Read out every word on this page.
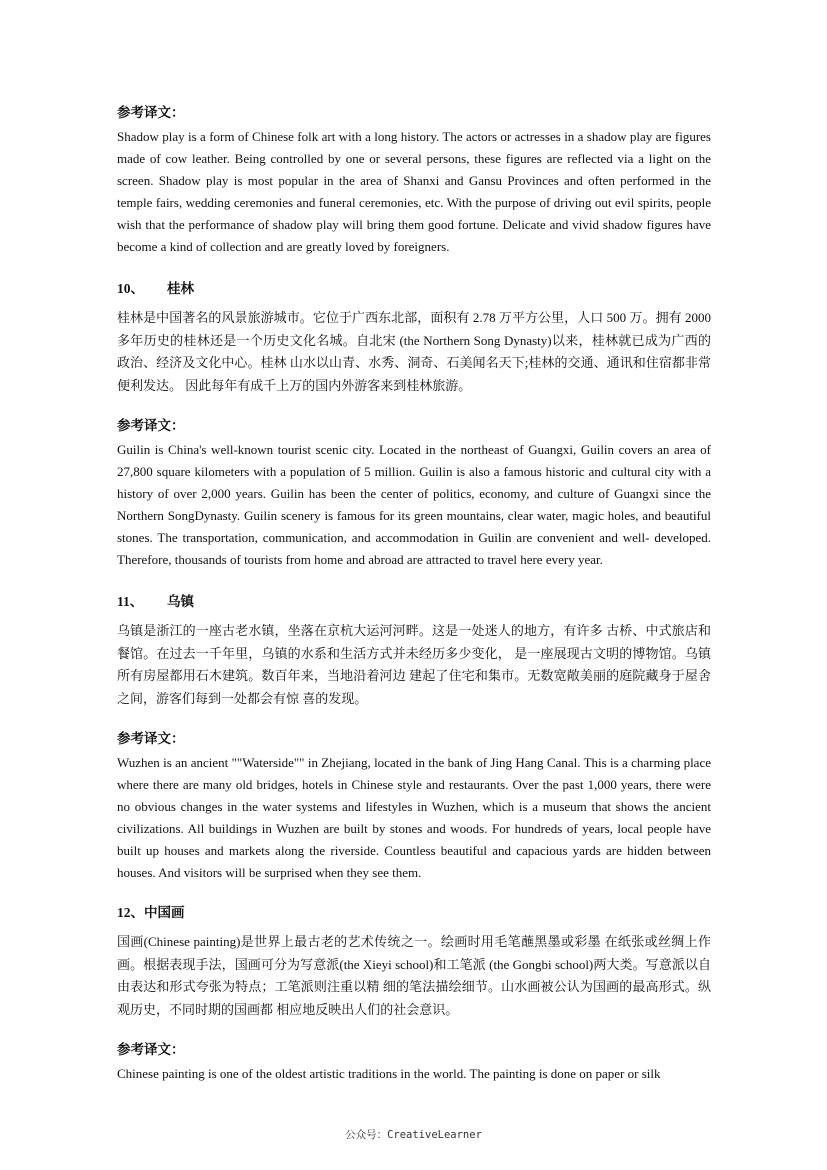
参考译文：

Shadow play is a form of Chinese folk art with a long history. The actors or actresses in a shadow play are figures made of cow leather. Being controlled by one or several persons, these figures are reflected via a light on the screen. Shadow play is most popular in the area of Shanxi and Gansu Provinces and often performed in the temple fairs, wedding ceremonies and funeral ceremonies, etc. With the purpose of driving out evil spirits, people wish that the performance of shadow play will bring them good fortune. Delicate and vivid shadow figures have become a kind of collection and are greatly loved by foreigners.

10、 桂林

桂林是中国著名的风景旅游城市。它位于广西东北部，面积有 2.78 万平方公里，人口 500 万。拥有 2000 多年历史的桂林还是一个历史文化名城。自北宋 (the Northern Song Dynasty)以来，桂林就已成为广西的政治、经济及文化中心。桂林 山水以山青、水秀、洞奇、石美闻名天下;桂林的交通、通讯和住宿都非常便利发达。 因此每年有成千上万的国内外游客来到桂林旅游。

参考译文：

Guilin is China's well-known tourist scenic city. Located in the northeast of Guangxi, Guilin covers an area of 27,800 square kilometers with a population of 5 million. Guilin is also a famous historic and cultural city with a history of over 2,000 years. Guilin has been the center of politics, economy, and culture of Guangxi since the Northern SongDynasty. Guilin scenery is famous for its green mountains, clear water, magic holes, and beautiful stones. The transportation, communication, and accommodation in Guilin are convenient and well- developed. Therefore, thousands of tourists from home and abroad are attracted to travel here every year.

11、 乌镇

乌镇是浙江的一座古老水镇，坐落在京杭大运河河畔。这是一处迷人的地方，有许多 古桥、中式旅店和餐馆。在过去一千年里，乌镇的水系和生活方式并未经历多少变化， 是一座展现古文明的博物馆。乌镇所有房屋都用石木建筑。数百年来，当地沿着河边 建起了住宅和集市。无数宽敞美丽的庭院藏身于屋舍之间，游客们每到一处都会有惊 喜的发现。

参考译文：

Wuzhen is an ancient ""Waterside"" in Zhejiang, located in the bank of Jing Hang Canal. This is a charming place where there are many old bridges, hotels in Chinese style and restaurants. Over the past 1,000 years, there were no obvious changes in the water systems and lifestyles in Wuzhen, which is a museum that shows the ancient civilizations. All buildings in Wuzhen are built by stones and woods. For hundreds of years, local people have built up houses and markets along the riverside. Countless beautiful and capacious yards are hidden between houses. And visitors will be surprised when they see them.

12、中国画

国画(Chinese painting)是世界上最古老的艺术传统之一。绘画时用毛笔蘸黑墨或彩墨 在纸张或丝绸上作画。根据表现手法，国画可分为写意派(the Xieyi school)和工笔派 (the Gongbi school)两大类。写意派以自由表达和形式夸张为特点；工笔派则注重以精 细的笔法描绘细节。山水画被公认为国画的最高形式。纵观历史，不同时期的国画都 相应地反映出人们的社会意识。

参考译文：

Chinese painting is one of the oldest artistic traditions in the world. The painting is done on paper or silk

公众号：CreativeLearner
